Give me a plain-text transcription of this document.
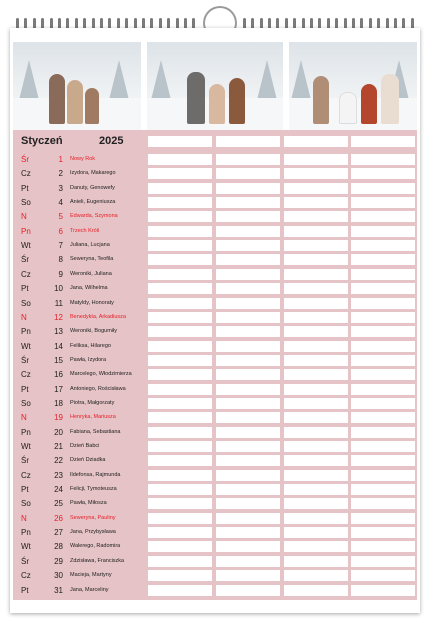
Styczeń	2025
Śr	1 Nowy Rok
Cz	2 Izydora, Makarego
Pt	3 Danuty, Genowefy
So	4 Anieli, Eugeniusza
N	5 Edwarda, Szymona
Pn	6 Trzech Króli
Wt	7 Juliana, Lucjana
Śr	8 Seweryna, Teofila
Cz	9 Weroniki, Juliana
Pt	10 Jana, Wilhelma
So	11 Matyldy, Honoraty
N	12 Benedykta, Arkadiusza
Pn	13 Weroniki, Bogumiły
Wt	14 Feliksa, Hilarego
Śr	15 Pawła, Izydora
Cz	16 Marcelego, Włodzimierza
Pt	17 Antoniego, Rościsława
So	18 Piotra, Małgorzaty
N	19 Henryka, Mariusza
Pn	20 Fabiana, Sebastiana
Wt	21 Dzień Babci
Śr	22 Dzień Dziadka
Cz	23 Ildefonsa, Rajmunda
Pt	24 Felicji, Tymoteusza
So	25 Pawła, Miłosza
N	26 Seweryna, Pauliny
Pn	27 Jana, Przybysława
Wt	28 Walerego, Radomira
Śr	29 Zdzisława, Franciszka
Cz	30 Macieja, Martyny
Pt	31 Jana, Marceliny
